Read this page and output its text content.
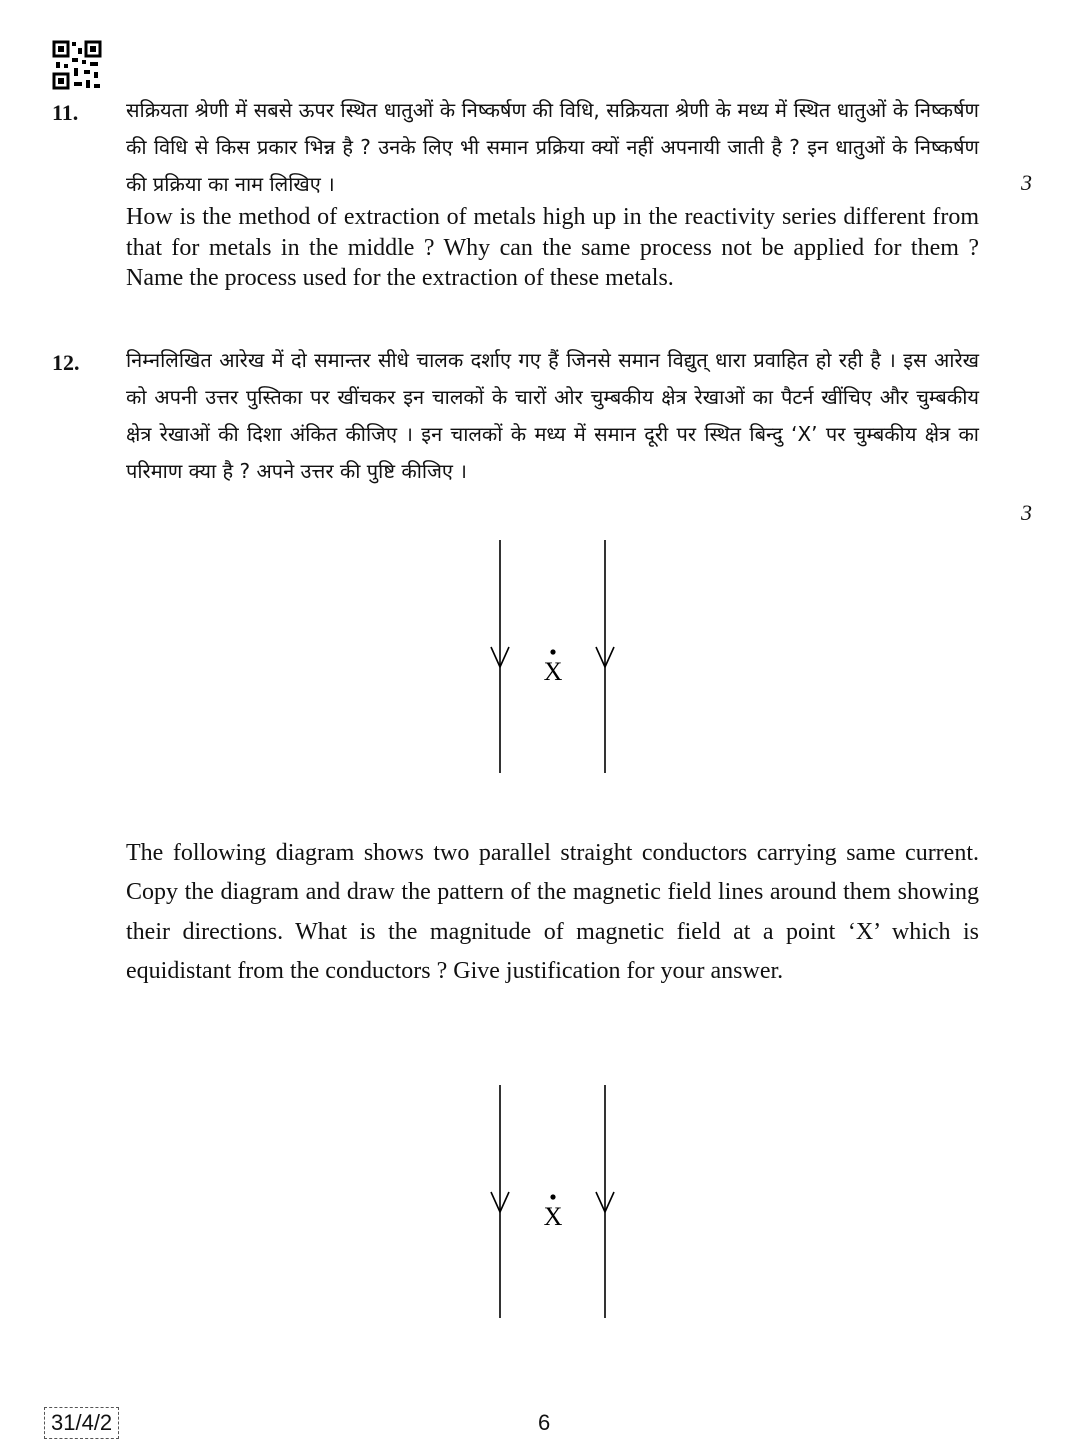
11. सक्रियता श्रेणी में सबसे ऊपर स्थित धातुओं के निष्कर्षण की विधि, सक्रियता श्रेणी के मध्य में स्थित धातुओं के निष्कर्षण की विधि से किस प्रकार भिन्न है ? उनके लिए भी समान प्रक्रिया क्यों नहीं अपनायी जाती है ? इन धातुओं के निष्कर्षण की प्रक्रिया का नाम लिखिए ।	3
How is the method of extraction of metals high up in the reactivity series different from that for metals in the middle ? Why can the same process not be applied for them ? Name the process used for the extraction of these metals.
12. निम्नलिखित आरेख में दो समान्तर सीधे चालक दर्शाए गए हैं जिनसे समान विद्युत् धारा प्रवाहित हो रही है । इस आरेख को अपनी उत्तर पुस्तिका पर खींचकर इन चालकों के चारों ओर चुम्बकीय क्षेत्र रेखाओं का पैटर्न खींचिए और चुम्बकीय क्षेत्र रेखाओं की दिशा अंकित कीजिए । इन चालकों के मध्य में समान दूरी पर स्थित बिन्दु ‘X’ पर चुम्बकीय क्षेत्र का परिमाण क्या है ? अपने उत्तर की पुष्टि कीजिए ।
3
X
The following diagram shows two parallel straight conductors carrying same current. Copy the diagram and draw the pattern of the magnetic field lines around them showing their directions. What is the magnitude of magnetic field at a point ‘X’ which is equidistant from the conductors ? Give justification for your answer.
X
31/4/2	6
